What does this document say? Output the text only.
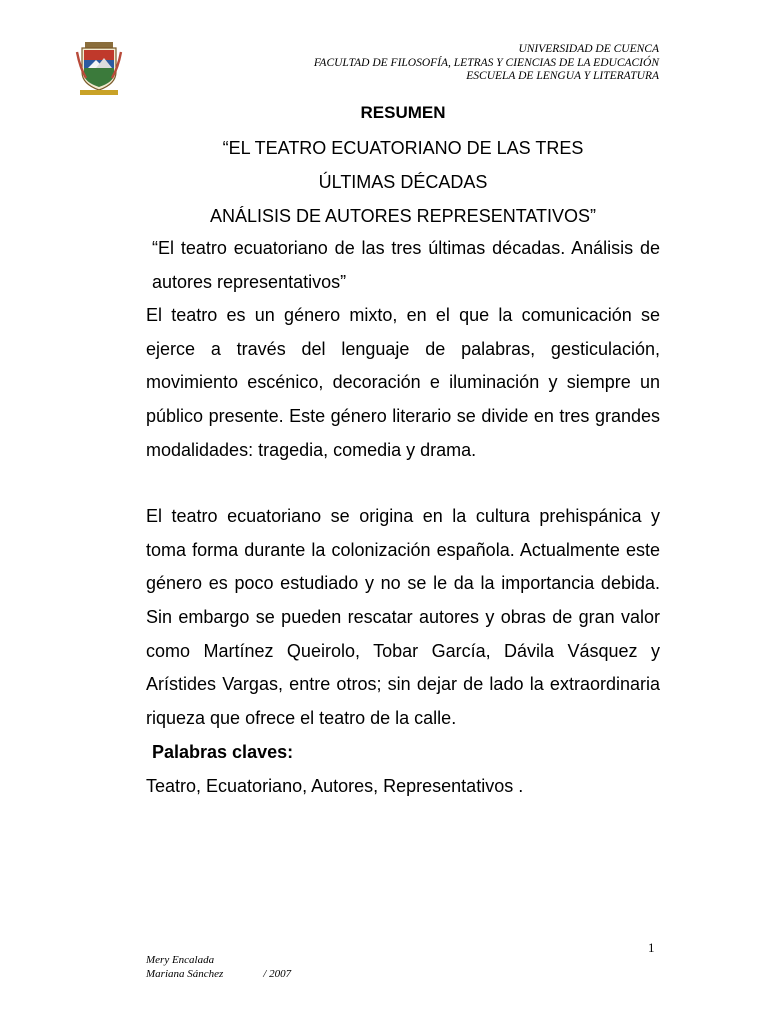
UNIVERSIDAD DE CUENCA
FACULTAD DE FILOSOFÍA, LETRAS Y CIENCIAS DE LA EDUCACIÓN
ESCUELA DE LENGUA Y LITERATURA

RESUMEN

“EL TEATRO ECUATORIANO DE LAS TRES

ÚLTIMAS DÉCADAS

ANÁLISIS DE AUTORES REPRESENTATIVOS”

“El teatro ecuatoriano de las tres últimas décadas. Análisis de autores representativos”

El teatro es un género mixto, en el que la comunicación se ejerce a través del lenguaje de palabras, gesticulación, movimiento escénico, decoración e iluminación y siempre un público presente. Este género literario se divide en tres grandes modalidades: tragedia, comedia y drama.

El teatro ecuatoriano se origina en la cultura prehispánica y toma forma durante la colonización española. Actualmente este género es poco estudiado y no se le da la importancia debida. Sin embargo se pueden rescatar autores y obras de gran valor como Martínez Queirolo, Tobar García, Dávila Vásquez y Arístides Vargas, entre otros; sin dejar de lado la extraordinaria riqueza que ofrece el teatro de la calle.

Palabras claves:

Teatro, Ecuatoriano, Autores, Representativos .

1
Mery Encalada
Mariana Sánchez	/ 2007
